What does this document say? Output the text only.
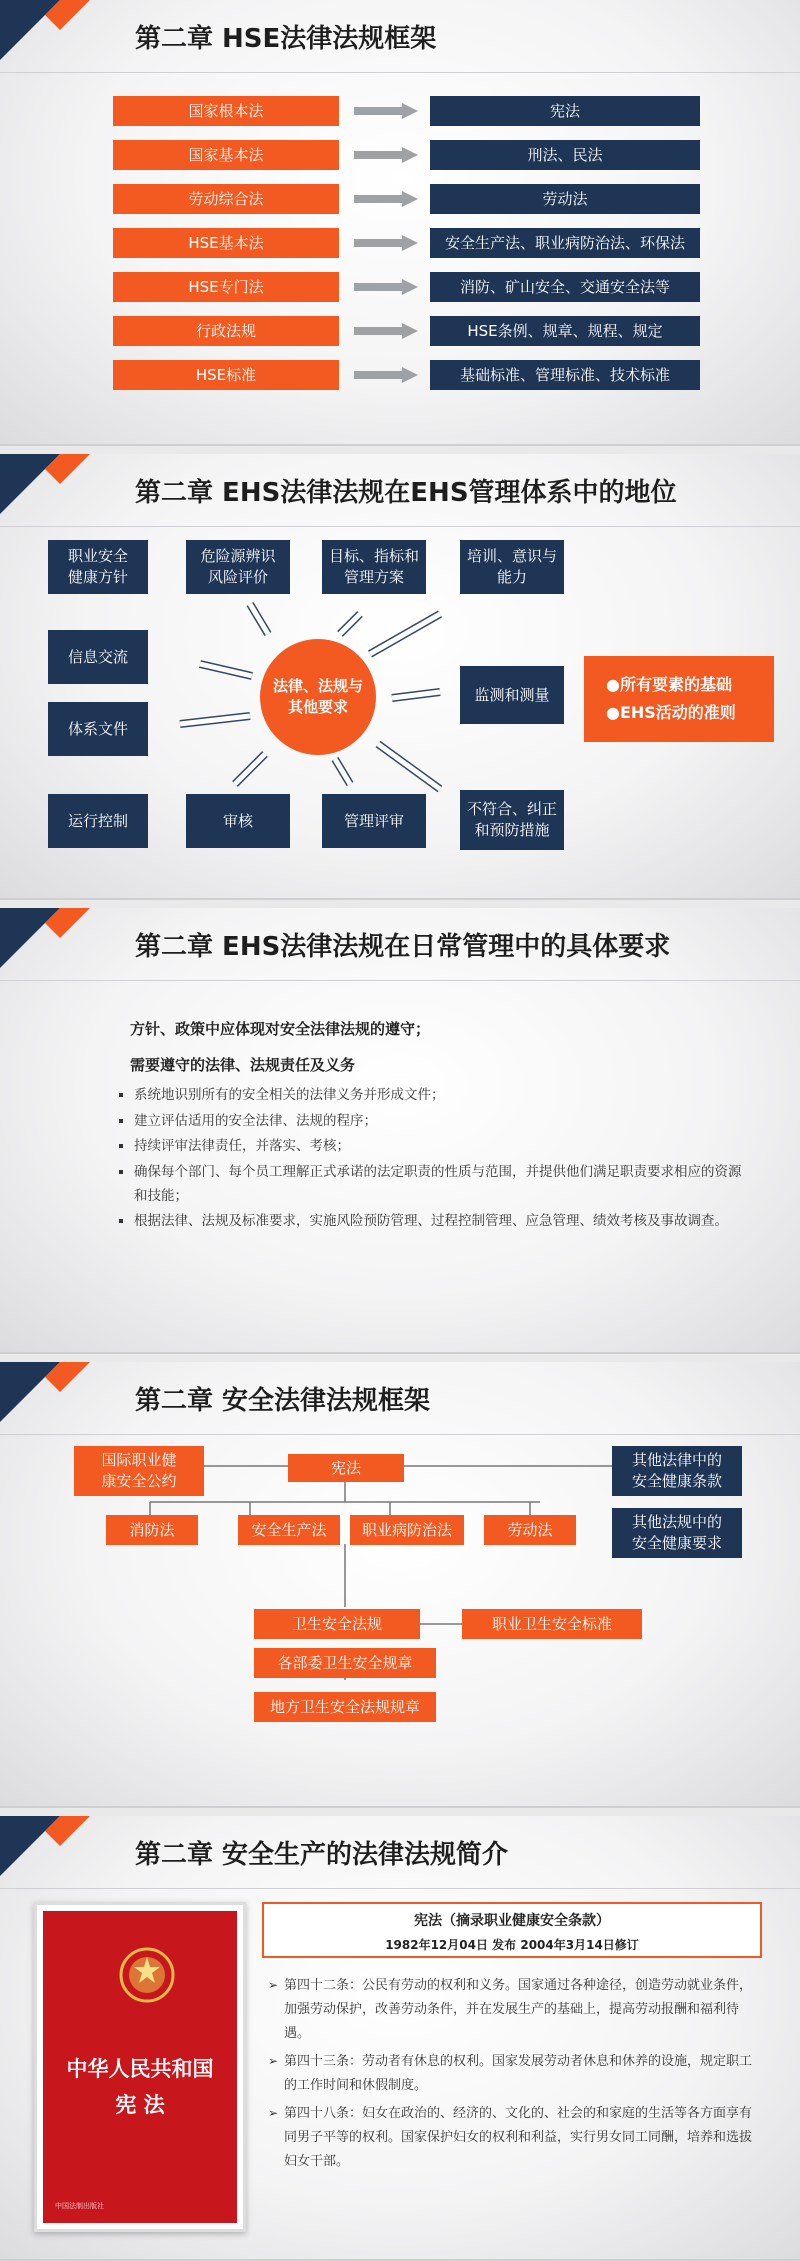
第二章 HSE法律法规框架
国家根本法	宪法
国家基本法	刑法、民法
劳动综合法	劳动法
HSE基本法	安全生产法、职业病防治法、环保法
HSE专门法	消防、矿山安全、交通安全法等
行政法规	HSE条例、规章、规程、规定
HSE标准	基础标准、管理标准、技术标准
第二章 EHS法律法规在EHS管理体系中的地位
法律、法规与
其他要求
职业安全
健康方针
危险源辨识
风险评价
目标、指标和
管理方案
培训、意识与
能力
信息交流
体系文件
监测和测量
运行控制	审核	管理评审
不符合、纠正
和预防措施
●所有要素的基础
●EHS活动的准则
第二章 EHS法律法规在日常管理中的具体要求
方针、政策中应体现对安全法律法规的遵守；
需要遵守的法律、法规责任及义务
▪ 系统地识别所有的安全相关的法律义务并形成文件；
▪ 建立评估适用的安全法律、法规的程序；
▪ 持续评审法律责任，并落实、考核；
▪ 确保每个部门、每个员工理解正式承诺的法定职责的性质与范围，并提供他们满足职责要求相应的资源和技能；
▪ 根据法律、法规及标准要求，实施风险预防管理、过程控制管理、应急管理、绩效考核及事故调查。
第二章 安全法律法规框架
国际职业健
康安全公约
宪法	其他法律中的
安全健康条款
其他法规中的
安全健康要求
消防法	安全生产法	职业病防治法	劳动法
卫生安全法规	职业卫生安全标准
各部委卫生安全规章
地方卫生安全法规规章
第二章 安全生产的法律法规简介
中华人民共和国
宪 法
中国法制出版社
宪法（摘录职业健康安全条款）
1982年12月04日 发布 2004年3月14日修订
➢ 第四十二条：公民有劳动的权利和义务。国家通过各种途径，创造劳动就业条件，加强劳动保护，改善劳动条件，并在发展生产的基础上，提高劳动报酬和福利待遇。
➢ 第四十三条：劳动者有休息的权利。国家发展劳动者休息和休养的设施，规定职工的工作时间和休假制度。
➢ 第四十八条：妇女在政治的、经济的、文化的、社会的和家庭的生活等各方面享有同男子平等的权利。国家保护妇女的权利和利益，实行男女同工同酬，培养和选拔妇女干部。
